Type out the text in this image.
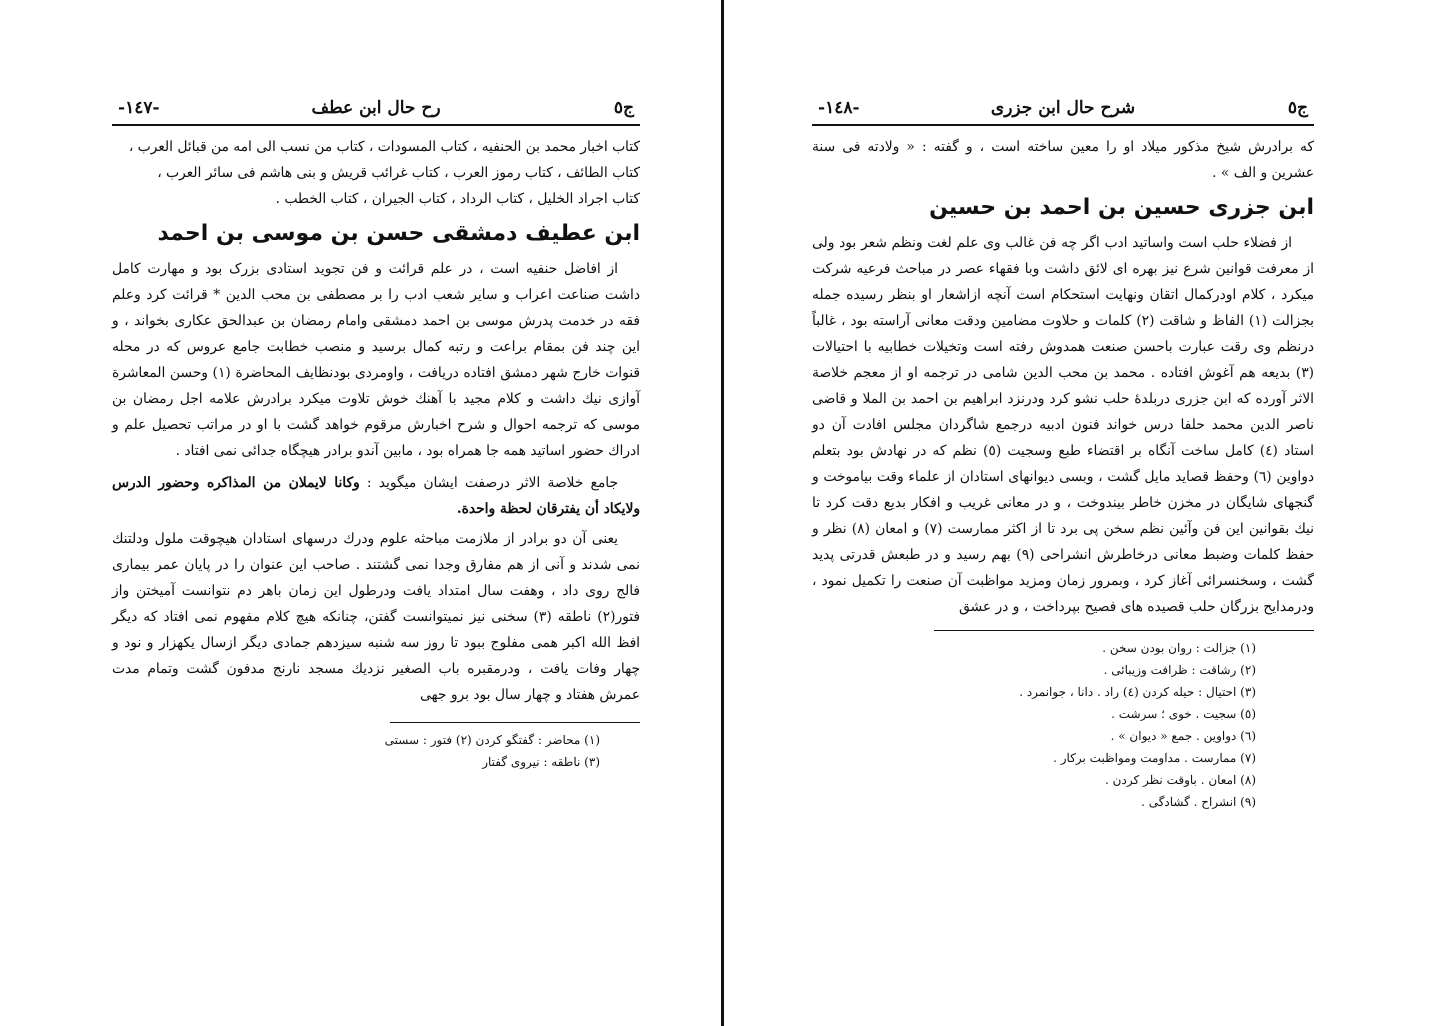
-١٤٧-	رح حال ابن عطف	ج٥

کتاب اخبار محمد بن الحنفیه ، کتاب المسودات ، کتاب من نسب الی امه من قبائل العرب ،

کتاب الطائف ، کتاب رموز العرب ، کتاب غرائب قریش و بنی هاشم فی سائر العرب ،

کتاب اجراد الخلیل ، کتاب الرداد ، کتاب الجیران ، کتاب الخطب .

ابن عطیف دمشقی حسن بن موسی بن احمد

از افاضل حنفیه است ، در علم قرائت و فن تجوید استادی بزرک بود و مهارت کامل داشت صناعت اعراب و سایر شعب ادب را بر مصطفی بن محب الدین * قرائت کرد وعلم فقه در خدمت پدرش موسی بن احمد دمشقی وامام رمضان بن عبدالحق عکاری بخواند ، و این چند فن بمقام براعت و رتبه کمال برسید و منصب خطابت جامع عروس که در محله قنوات خارج شهر دمشق افتاده دریافت ، واومردی بودنظایف المحاضرة (١) وحسن المعاشرة آوازی نیك داشت و کلام مجید با آهنك خوش تلاوت میکرد برادرش علامه اجل رمضان بن موسی که ترجمه احوال و شرح اخبارش مرقوم خواهد گشت با او در مراتب تحصیل علم و ادراك حضور اساتید همه جا همراه بود ، مابین آندو برادر هیچگاه جدائی نمی افتاد .

جامع خلاصة الاثر درصفت ایشان میگوید : وکانا لایملان من المذاکره وحضور الدرس ولایکاد أن یفترقان لحظة واحدة.

یعنی آن دو برادر از ملازمت مباحثه علوم ودرك درسهای استادان هیچوقت ملول ودلتنك نمی شدند و آنی از هم مفارق وجدا نمی گشتند . صاحب این عنوان را در پایان عمر بیماری فالج روی داد ، وهفت سال امتداد یافت ودرطول این زمان باهر دم نتوانست آمیختن واز فتور(٢) ناطقه (٣) سخنی نیز نمیتوانست گفتن، چنانکه هیچ کلام مفهوم نمی افتاد که دیگر افظ الله اکبر همی مفلوج ببود تا روز سه شنبه سیزدهم جمادی دیگر ازسال یکهزار و نود و چهار وفات یافت ، ودرمقبره باب الصغیر نزدیك مسجد نارنج مدفون گشت وتمام مدت عمرش هفتاد و چهار سال بود برو جهی

(١) محاضر : گفتگو کردن (٢) فتور : سستی
(٣) ناطقه : نیروی گفتار
-١٤٨-	شرح حال ابن جزری	ج٥

که برادرش شیخ مذکور میلاد او را معین ساخته است ، و گفته : « ولادته فی سنة عشرین و الف » .

ابن جزری حسین بن احمد بن حسین

از فضلاء حلب است واساتید ادب اگر چه فن غالب وی علم لغت ونظم شعر بود ولی از معرفت قوانین شرع نیز بهره ای لائق داشت وبا فقهاء عصر در مباحث فرعیه شرکت میکرد ، کلام اودرکمال اتقان ونهایت استحکام است آنچه ازاشعار او بنظر رسیده جمله بجزالت (١) الفاظ و شاقت (٢) کلمات و حلاوت مضامین ودقت معانی آراسته بود ، غالباً درنظم وی رقت عبارت باحسن صنعت همدوش رفته است وتخیلات خطابیه با احتیالات (٣) بدیعه هم آغوش افتاده . محمد بن محب الدین شامی در ترجمه او از معجم خلاصة الاثر آورده که ابن جزری دربلدهٔ حلب نشو کرد ودرنزد ابراهیم بن احمد بن الملا و قاضی ناصر الدین محمد حلفا درس خواند فنون ادبیه درجمع شاگردان مجلس افادت آن دو استاد (٤) کامل ساخت آنگاه بر اقتضاء طبع وسجیت (٥) نظم که در نهادش بود بتعلم دواوین (٦) وحفظ قصاید مایل گشت ، وبسی دیوانهای استادان از علماء وقت بیاموخت و گنجهای شایگان در مخزن خاطر بیندوخت ، و در معانی غریب و افکار بدیع دقت کرد تا نیك بقوانین این فن وآئین نظم سخن پی برد تا از اکثر ممارست (٧) و امعان (٨) نظر و حفظ کلمات وضبط معانی درخاطرش انشراحی (٩) بهم رسید و در طبعش قدرتی پدید گشت ، وسخنسرائی آغاز کرد ، وبمرور زمان ومزید مواظبت آن صنعت را تکمیل نمود ، ودرمدایح بزرگان حلب قصیده های فصیح بپرداخت ، و در عشق

(١) جزالت : روان بودن سخن .
(٢) رشاقت : ظرافت وزیبائی .
(٣) احتیال : حیله کردن (٤) راد . دانا ، جوانمرد .
(٥) سجیت . خوی ؛ سرشت .
(٦) دواوین . جمع « دیوان » .
(٧) ممارست . مداومت ومواظبت برکار .
(٨) امعان . باوقت نظر کردن .
(٩) انشراح . گشادگی .
